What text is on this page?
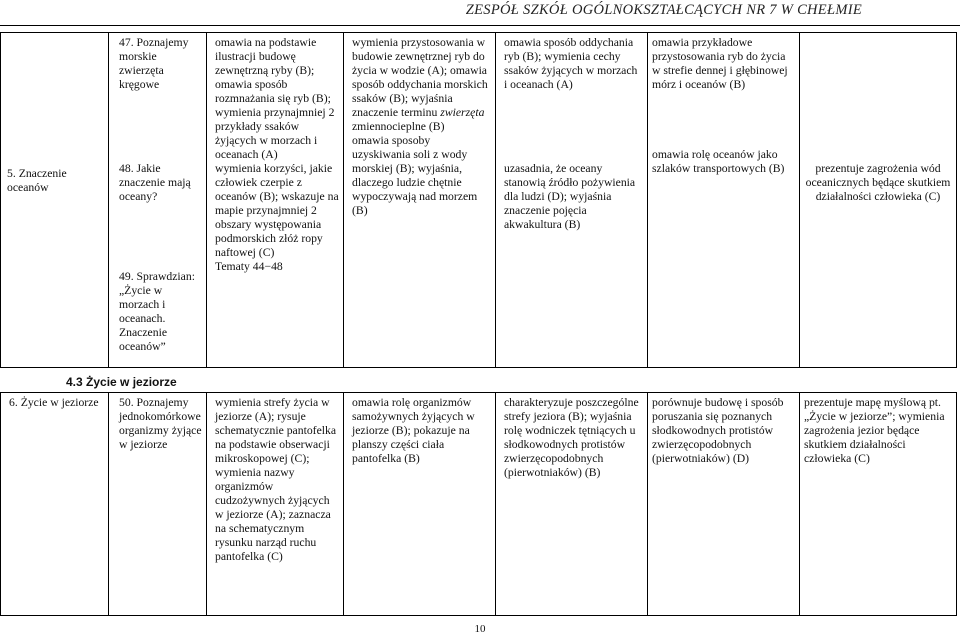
ZESPÓŁ SZKÓŁ OGÓLNOKSZTAŁCĄCYCH NR 7 W CHEŁMIE
5. Znaczenie oceanów
47. Poznajemy morskie zwierzęta kręgowe
48. Jakie znaczenie mają oceany?
49. Sprawdzian: „Życie w morzach i oceanach. Znaczenie oceanów”
omawia na podstawie ilustracji budowę zewnętrzną ryby (B); omawia sposób rozmnażania się ryb (B); wymienia przynajmniej 2 przykłady ssaków żyjących w morzach i oceanach (A)
wymienia korzyści, jakie człowiek czerpie z oceanów (B); wskazuje na mapie przynajmniej 2 obszary występowania podmorskich złóż ropy naftowej (C)
Tematy 44−48
wymienia przystosowania w budowie zewnętrznej ryb do życia w wodzie (A); omawia sposób oddychania morskich ssaków (B); wyjaśnia znaczenie terminu zwierzęta zmiennocieplne (B)
omawia sposoby uzyskiwania soli z wody morskiej (B); wyjaśnia, dlaczego ludzie chętnie wypoczywają nad morzem (B)
omawia sposób oddychania ryb (B); wymienia cechy ssaków żyjących w morzach i oceanach (A)
uzasadnia, że oceany stanowią źródło pożywienia dla ludzi (D); wyjaśnia znaczenie pojęcia akwakultura (B)
omawia przykładowe przystosowania ryb do życia w strefie dennej i głębinowej mórz i oceanów (B)
omawia rolę oceanów jako szlaków transportowych (B)	prezentuje zagrożenia wód oceanicznych będące skutkiem działalności człowieka (C)
4.3 Życie w jeziorze
6. Życie w jeziorze	50. Poznajemy jednokomórkowe organizmy żyjące w jeziorze
wymienia strefy życia w jeziorze (A); rysuje schematycznie pantofelka na podstawie obserwacji mikroskopowej (C); wymienia nazwy organizmów cudzożywnych żyjących w jeziorze (A); zaznacza na schematycznym rysunku narząd ruchu pantofelka (C)
omawia rolę organizmów samożywnych żyjących w jeziorze (B); pokazuje na planszy części ciała pantofelka (B)
charakteryzuje poszczególne strefy jeziora (B); wyjaśnia rolę wodniczek tętniących u słodkowodnych protistów zwierzęcopodobnych (pierwotniaków) (B)
porównuje budowę i sposób poruszania się poznanych słodkowodnych protistów zwierzęcopodobnych (pierwotniaków) (D)
prezentuje mapę myślową pt. „Życie w jeziorze”; wymienia zagrożenia jezior będące skutkiem działalności człowieka (C)
10
